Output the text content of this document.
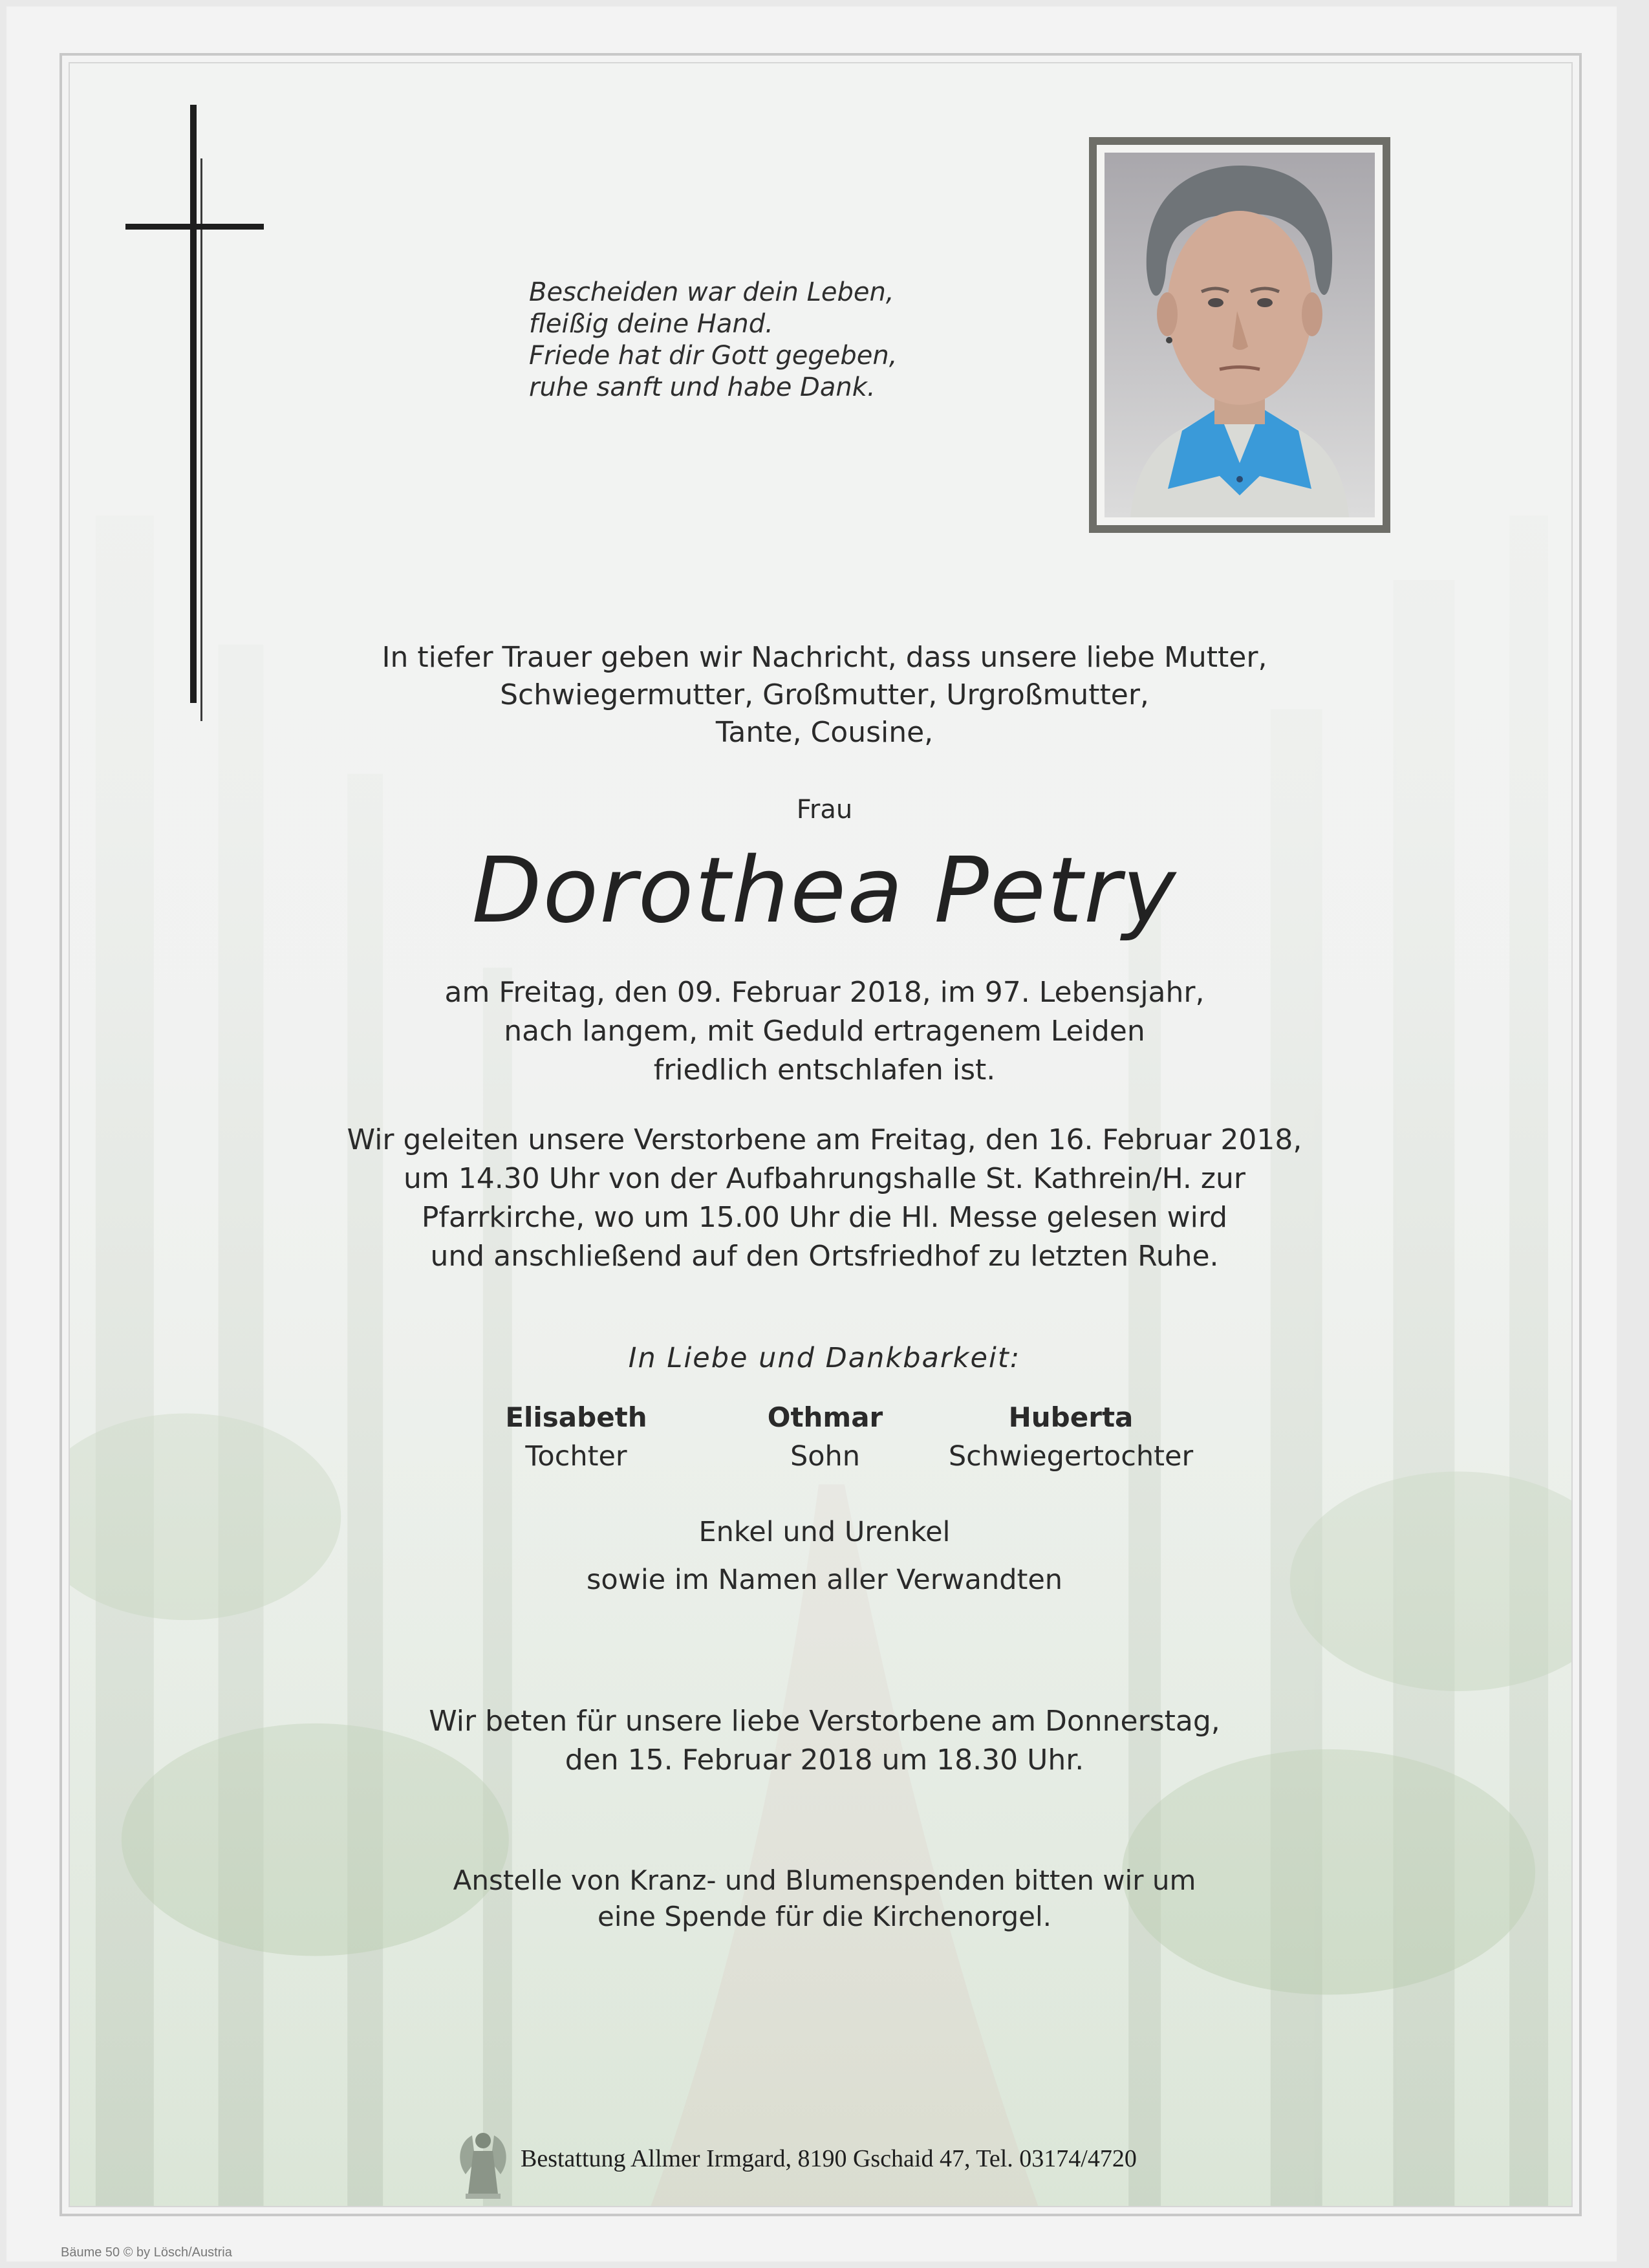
Bescheiden war dein Leben,
fleißig deine Hand.
Friede hat dir Gott gegeben,
ruhe sanft und habe Dank.
In tiefer Trauer geben wir Nachricht, dass unsere liebe Mutter,
Schwiegermutter, Großmutter, Urgroßmutter,
Tante, Cousine,
Frau
Dorothea Petry
am Freitag, den 09. Februar 2018, im 97. Lebensjahr,
nach langem, mit Geduld ertragenem Leiden
friedlich entschlafen ist.
Wir geleiten unsere Verstorbene am Freitag, den 16. Februar 2018,
um 14.30 Uhr von der Aufbahrungshalle St. Kathrein/H. zur
Pfarrkirche, wo um 15.00 Uhr die Hl. Messe gelesen wird
und anschließend auf den Ortsfriedhof zu letzten Ruhe.
In Liebe und Dankbarkeit:
Elisabeth
Tochter
Othmar
Sohn
Huberta
Schwiegertochter
Enkel und Urenkel
sowie im Namen aller Verwandten
Wir beten für unsere liebe Verstorbene am Donnerstag,
den 15. Februar 2018 um 18.30 Uhr.
Anstelle von Kranz- und Blumenspenden bitten wir um
eine Spende für die Kirchenorgel.
Bestattung Allmer Irmgard, 8190 Gschaid 47, Tel. 03174/4720
Bäume 50 © by Lösch/Austria
